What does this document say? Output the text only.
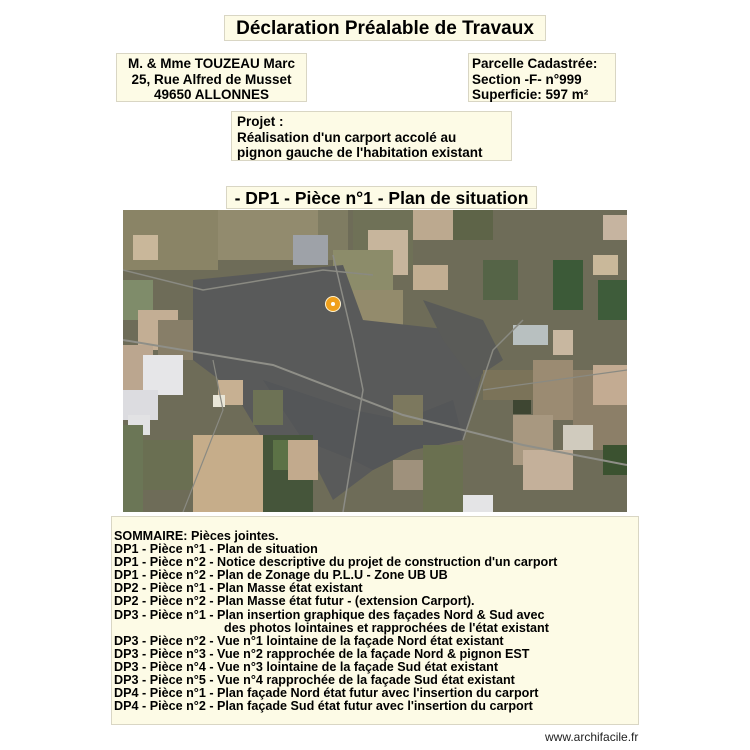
Déclaration Préalable de Travaux
M. & Mme TOUZEAU Marc
25, Rue Alfred de Musset
49650 ALLONNES
Parcelle Cadastrée:
Section -F- n°999
Superficie: 597 m²
Projet :
Réalisation d'un carport accolé au
pignon gauche de l'habitation existant
- DP1 - Pièce n°1 - Plan de situation
SOMMAIRE: Pièces jointes.
DP1 - Pièce n°1 - Plan de situation
DP1 - Pièce n°2 - Notice descriptive du projet de construction d'un carport
DP1 - Pièce n°2 - Plan de Zonage du P.L.U - Zone UB UB
DP2 - Pièce n°1 - Plan Masse état existant
DP2 - Pièce n°2 - Plan Masse état futur - (extension Carport).
DP3 - Pièce n°1 - Plan insertion graphique des façades Nord & Sud avec
des photos lointaines et rapprochées de l'état existant
DP3 - Pièce n°2 - Vue n°1 lointaine de la façade Nord état existant
DP3 - Pièce n°3 - Vue n°2 rapprochée de la façade Nord & pignon EST
DP3 - Pièce n°4 - Vue n°3 lointaine de la façade Sud état existant
DP3 - Pièce n°5 - Vue n°4 rapprochée de la façade Sud état existant
DP4 - Pièce n°1 - Plan façade Nord état futur avec l'insertion du carport
DP4 - Pièce n°2 - Plan façade Sud état futur avec l'insertion du carport
www.archifacile.fr
